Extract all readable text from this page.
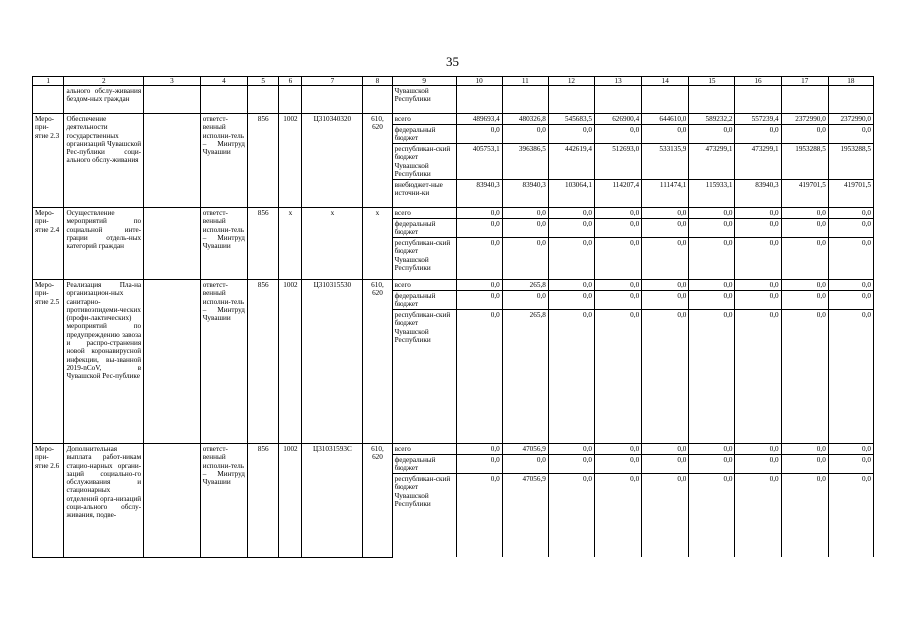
35
1	2	3	4	5	6	7	8	9	10	11	12	13	14	15	16	17	18
	ального обслу-живания бездом-ных граждан							Чувашской Республики									
Меро-при-ятие 2.3	Обеспечение деятельности государственных организаций Чувашской Рес-публики соци-ального обслу-живания		ответст-венный исполни-тель – Минтруд Чувашии	856	1002	Ц310340320	610, 620	всего	489693,4	480326,8	545683,5	626900,4	644610,0	589232,2	557239,4	2372990,0	2372990,0
								федеральный бюджет	0,0	0,0	0,0	0,0	0,0	0,0	0,0	0,0	0,0
								республикан-ский бюджет Чувашской Республики	405753,1	396386,5	442619,4	512693,0	533135,9	473299,1	473299,1	1953288,5	1953288,5
								внебюджет-ные источни-ки	83940,3	83940,3	103064,1	114207,4	111474,1	115933,1	83940,3	419701,5	419701,5
Меро-при-ятие 2.4	Осуществление мероприятий по социальной инте-грации отдель-ных категорий граждан		ответст-венный исполни-тель – Минтруд Чувашии	856	x	x	x	всего	0,0	0,0	0,0	0,0	0,0	0,0	0,0	0,0	0,0
								федеральный бюджет	0,0	0,0	0,0	0,0	0,0	0,0	0,0	0,0	0,0
								республикан-ский бюджет Чувашской Республики	0,0	0,0	0,0	0,0	0,0	0,0	0,0	0,0	0,0
Меро-при-ятие 2.5	Реализация Пла-на организацион-ных санитарно-противоэпидеми-ческих (профи-лактических) мероприятий по предупреждению завоза и распро-странения новой коронавирусной инфекции, вы-званной 2019-nCoV, в Чувашской Рес-публике		ответст-венный исполни-тель – Минтруд Чувашии	856	1002	Ц310315530	610, 620	всего	0,0	265,8	0,0	0,0	0,0	0,0	0,0	0,0	0,0
								федеральный бюджет	0,0	0,0	0,0	0,0	0,0	0,0	0,0	0,0	0,0
								республикан-ский бюджет Чувашской Республики	0,0	265,8	0,0	0,0	0,0	0,0	0,0	0,0	0,0
Меро-при-ятие 2.6	Дополнительная выплата работ-никам стацио-нарных органи-заций социально-го обслуживания и стационарных отделений орга-низаций соци-ального обслу-живания, подве-		ответст-венный исполни-тель – Минтруд Чувашии	856	1002	Ц31031593С	610, 620	всего	0,0	47056,9	0,0	0,0	0,0	0,0	0,0	0,0	0,0
								федеральный бюджет	0,0	0,0	0,0	0,0	0,0	0,0	0,0	0,0	0,0
								республикан-ский бюджет Чувашской Республики	0,0	47056,9	0,0	0,0	0,0	0,0	0,0	0,0	0,0
